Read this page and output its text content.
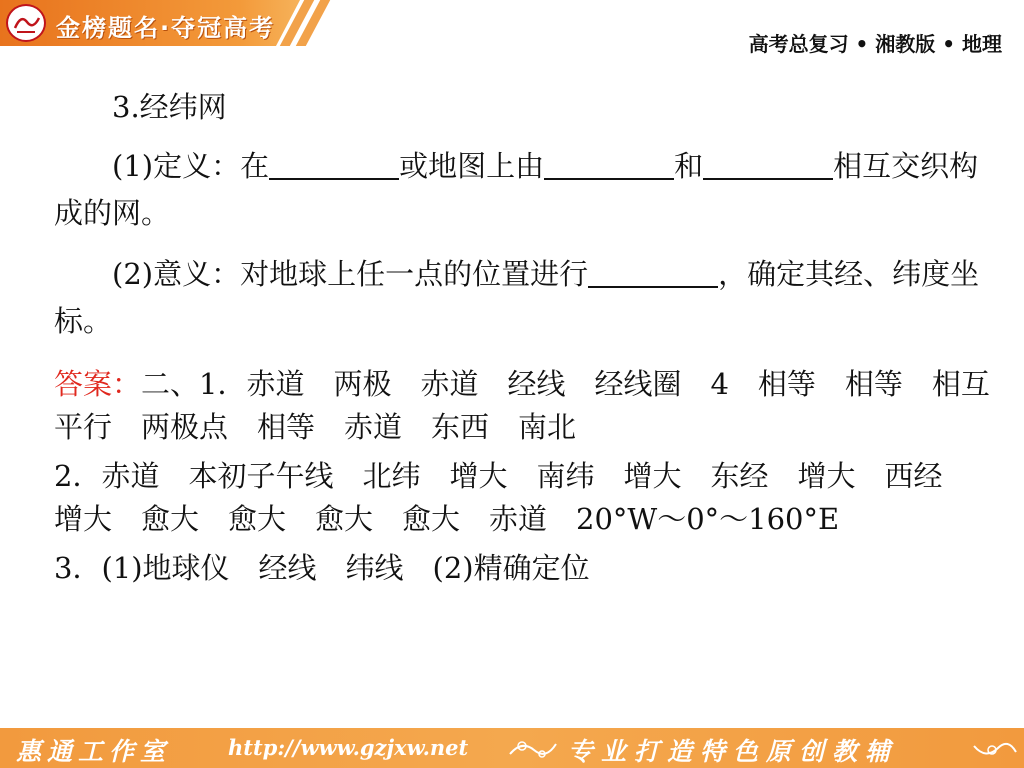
金榜题名·夺冠高考
高考总复习 • 湘教版 • 地理
3.经纬网
(1)定义：在	或地图上由	和	相互交织构成的网。
(2)意义：对地球上任一点的位置进行	，确定其经、纬度坐标。
答案：二、1．赤道　两极　赤道　经线　经线圈　4　相等　相等　相互平行　两极点　相等　赤道　东西　南北
2．赤道　本初子午线　北纬　增大　南纬　增大　东经　增大　西经　增大　愈大　愈大　愈大　愈大　赤道　20°W～0°～160°E
3．(1)地球仪　经线　纬线　(2)精确定位
惠通工作室	http://www.gzjxw.net	专业打造特色原创教辅
